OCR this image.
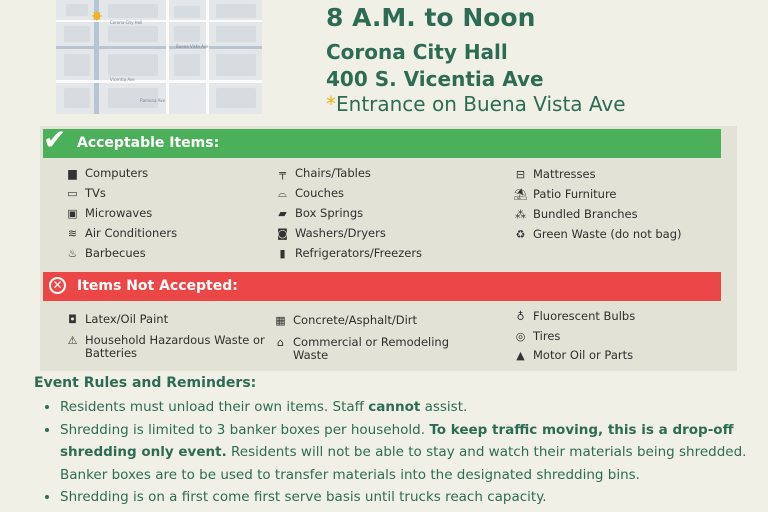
Corona City Hall
Buena Vista Ave
Vicentia Ave
Ramona Ave
✸	8 A.M. to Noon
Corona City Hall
400 S. Vicentia Ave
*Entrance on Buena Vista Ave
✔ Acceptable Items:
▆ Computers
▭ TVs
▣ Microwaves
≋ Air Conditioners
♨ Barbecues
╤ Chairs/Tables
⌓ Couches
▰ Box Springs
◙ Washers/Dryers
▮ Refrigerators/Freezers
⊟ Mattresses
⛱ Patio Furniture
⁂ Bundled Branches
♻ Green Waste (do not bag)
✕ Items Not Accepted:
◘ Latex/Oil Paint
⚠ Household Hazardous Waste or Batteries
▦ Concrete/Asphalt/Dirt
⌂ Commercial or Remodeling Waste
♁ Fluorescent Bulbs
◎ Tires
▲ Motor Oil or Parts
Event Rules and Reminders:
• Residents must unload their own items. Staff cannot assist.
• Shredding is limited to 3 banker boxes per household. To keep traffic moving, this is a drop-off shredding only event. Residents will not be able to stay and watch their materials being shredded. Banker boxes are to be used to transfer materials into the designated shredding bins.
• Shredding is on a first come first serve basis until trucks reach capacity.
